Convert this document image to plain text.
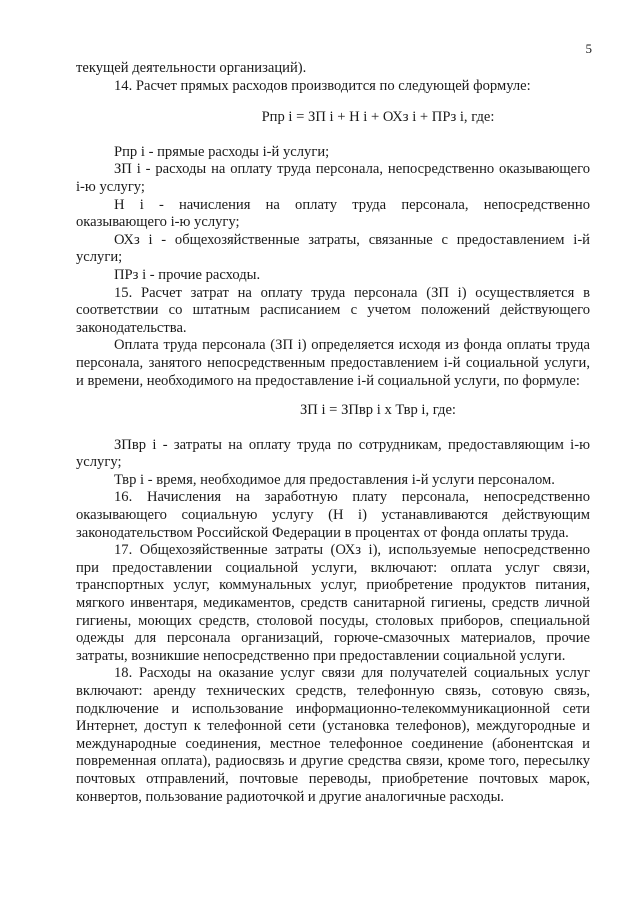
5

текущей деятельности организаций).

14. Расчет прямых расходов производится по следующей формуле:

Рпр i = ЗП i + Н i + ОХз i + ПРз i, где:

Рпр i - прямые расходы i-й услуги;

ЗП i - расходы на оплату труда персонала, непосредственно оказывающего i-ю услугу;

Н i - начисления на оплату труда персонала, непосредственно оказывающего i-ю услугу;

ОХз i - общехозяйственные затраты, связанные с предоставлением i-й услуги;

ПРз i - прочие расходы.

15. Расчет затрат на оплату труда персонала (ЗП i) осуществляется в соответствии со штатным расписанием с учетом положений действующего законодательства.

Оплата труда персонала (ЗП i) определяется исходя из фонда оплаты труда персонала, занятого непосредственным предоставлением i-й социальной услуги, и времени, необходимого на предоставление i-й социальной услуги, по формуле:

ЗП i = ЗПвр i х Твр i, где:

ЗПвр i - затраты на оплату труда по сотрудникам, предоставляющим i-ю услугу;

Твр i - время, необходимое для предоставления i-й услуги персоналом.

16. Начисления на заработную плату персонала, непосредственно оказывающего социальную услугу (Н i) устанавливаются действующим законодательством Российской Федерации в процентах от фонда оплаты труда.

17. Общехозяйственные затраты (ОХз i), используемые непосредственно при предоставлении социальной услуги, включают: оплата услуг связи, транспортных услуг, коммунальных услуг, приобретение продуктов питания, мягкого инвентаря, медикаментов, средств санитарной гигиены, средств личной гигиены, моющих средств, столовой посуды, столовых приборов, специальной одежды для персонала организаций, горюче-смазочных материалов, прочие затраты, возникшие непосредственно при предоставлении социальной услуги.

18. Расходы на оказание услуг связи для получателей социальных услуг включают: аренду технических средств, телефонную связь, сотовую связь, подключение и использование информационно-телекоммуникационной сети Интернет, доступ к телефонной сети (установка телефонов), междугородные и международные соединения, местное телефонное соединение (абонентская и повременная оплата), радиосвязь и другие средства связи, кроме того, пересылку почтовых отправлений, почтовые переводы, приобретение почтовых марок, конвертов, пользование радиоточкой и другие аналогичные расходы.
